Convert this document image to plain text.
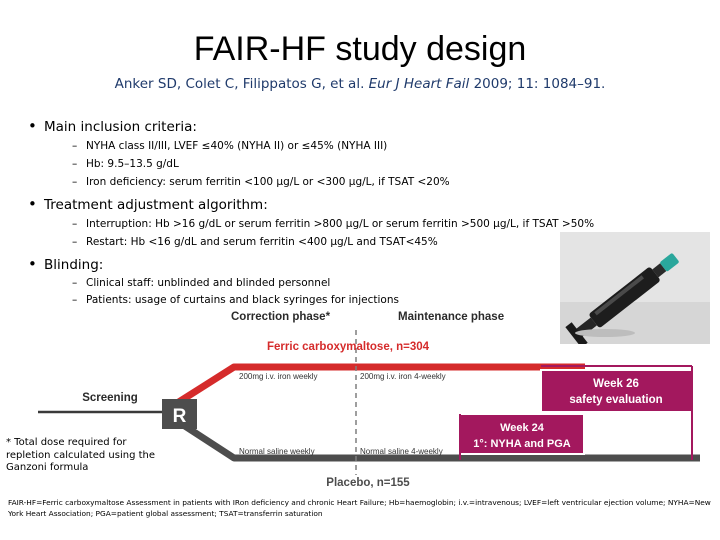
FAIR-HF study design
Anker SD, Colet C, Filippatos G, et al. Eur J Heart Fail 2009; 11: 1084–91.
• Main inclusion criteria:
– NYHA class II/III, LVEF ≤40% (NYHA II) or ≤45% (NYHA III)
– Hb: 9.5–13.5 g/dL
– Iron deficiency: serum ferritin <100 µg/L or <300 µg/L, if TSAT <20%
• Treatment adjustment algorithm:
– Interruption: Hb >16 g/dL or serum ferritin >800 µg/L or serum ferritin >500 µg/L, if TSAT >50%
– Restart: Hb <16 g/dL and serum ferritin <400 µg/L and TSAT<45%
• Blinding:
– Clinical staff: unblinded and blinded personnel
– Patients: usage of curtains and black syringes for injections
Correction phase*	Maintenance phase
R
Screening
Ferric carboxymaltose, n=304
200mg i.v. iron weekly	200mg i.v. iron 4-weekly
Normal saline weekly	Normal saline 4-weekly
Placebo, n=155
Week 26
safety evaluation
Week 24
1°: NYHA and PGA
* Total dose required for repletion calculated using the Ganzoni formula
FAIR-HF=Ferric carboxymaltose Assessment in patients with IRon deficiency and chronic Heart Failure; Hb=haemoglobin; i.v.=intravenous; LVEF=left ventricular ejection volume; NYHA=New York Heart Association; PGA=patient global assessment; TSAT=transferrin saturation
